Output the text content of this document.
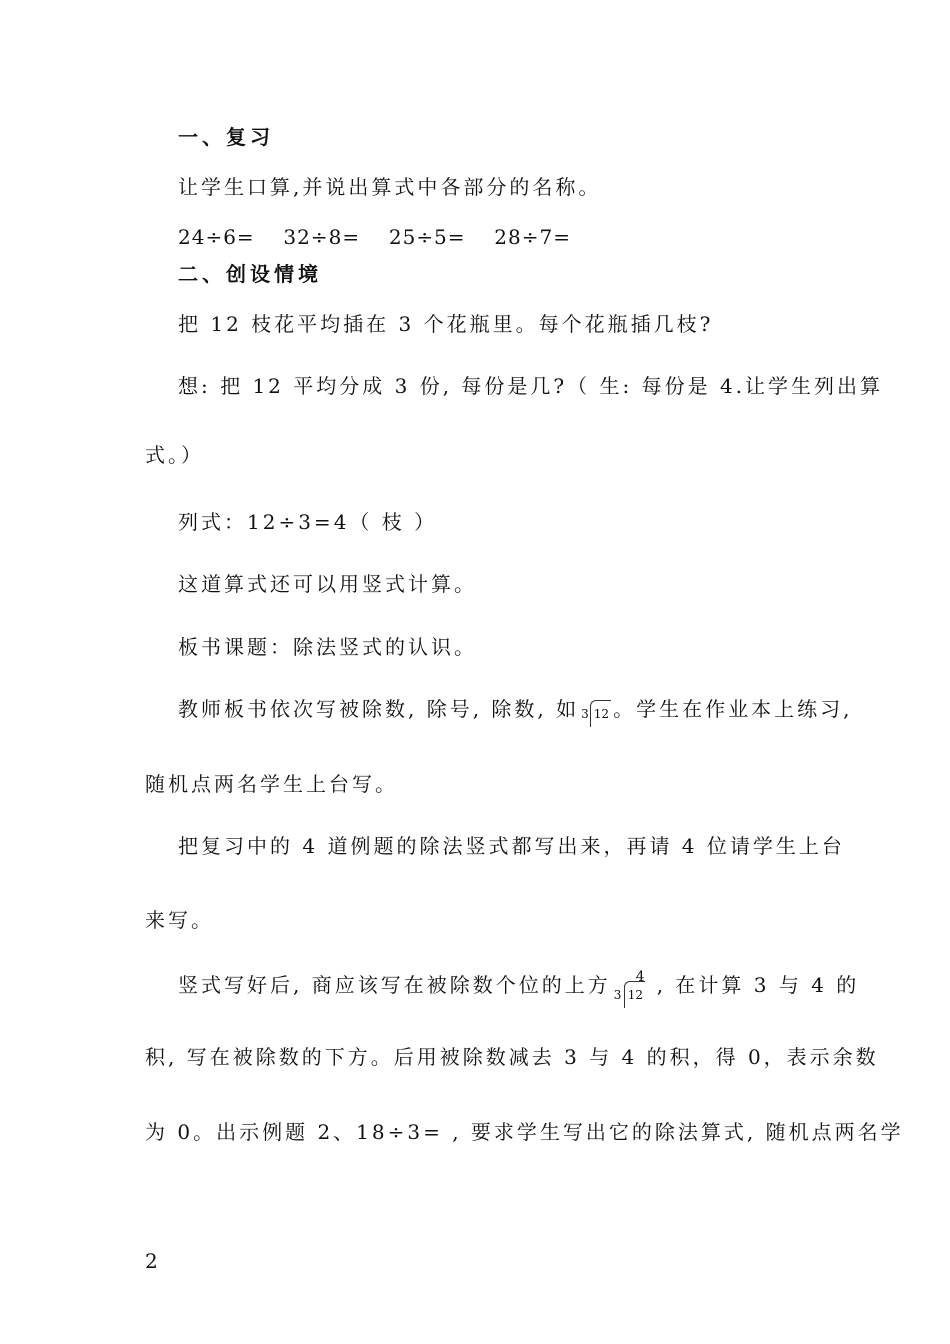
一、复习
让学生口算,并说出算式中各部分的名称。
24÷6= 32÷8= 25÷5= 28÷7=
二、创设情境
把 12 枝花平均插在 3 个花瓶里。每个花瓶插几枝?
想: 把 12 平均分成 3 份, 每份是几?（ 生: 每份是 4.让学生列出算
式。）
列式：12÷3=4（ 枝 ）
这道算式还可以用竖式计算。
板书课题：除法竖式的认识。
教师板书依次写被除数, 除号, 除数, 如 3 12 。学生在作业本上练习,
随机点两名学生上台写。
把复习中的 4 道例题的除法竖式都写出来，再请 4 位请学生上台
来写。
竖式写好后, 商应该写在被除数个位的上方 4
3 12 , 在计算 3 与 4 的
积, 写在被除数的下方。后用被除数减去 3 与 4 的积，得 0，表示余数
为 0。出示例题 2、18÷3= , 要求学生写出它的除法算式, 随机点两名学
2
